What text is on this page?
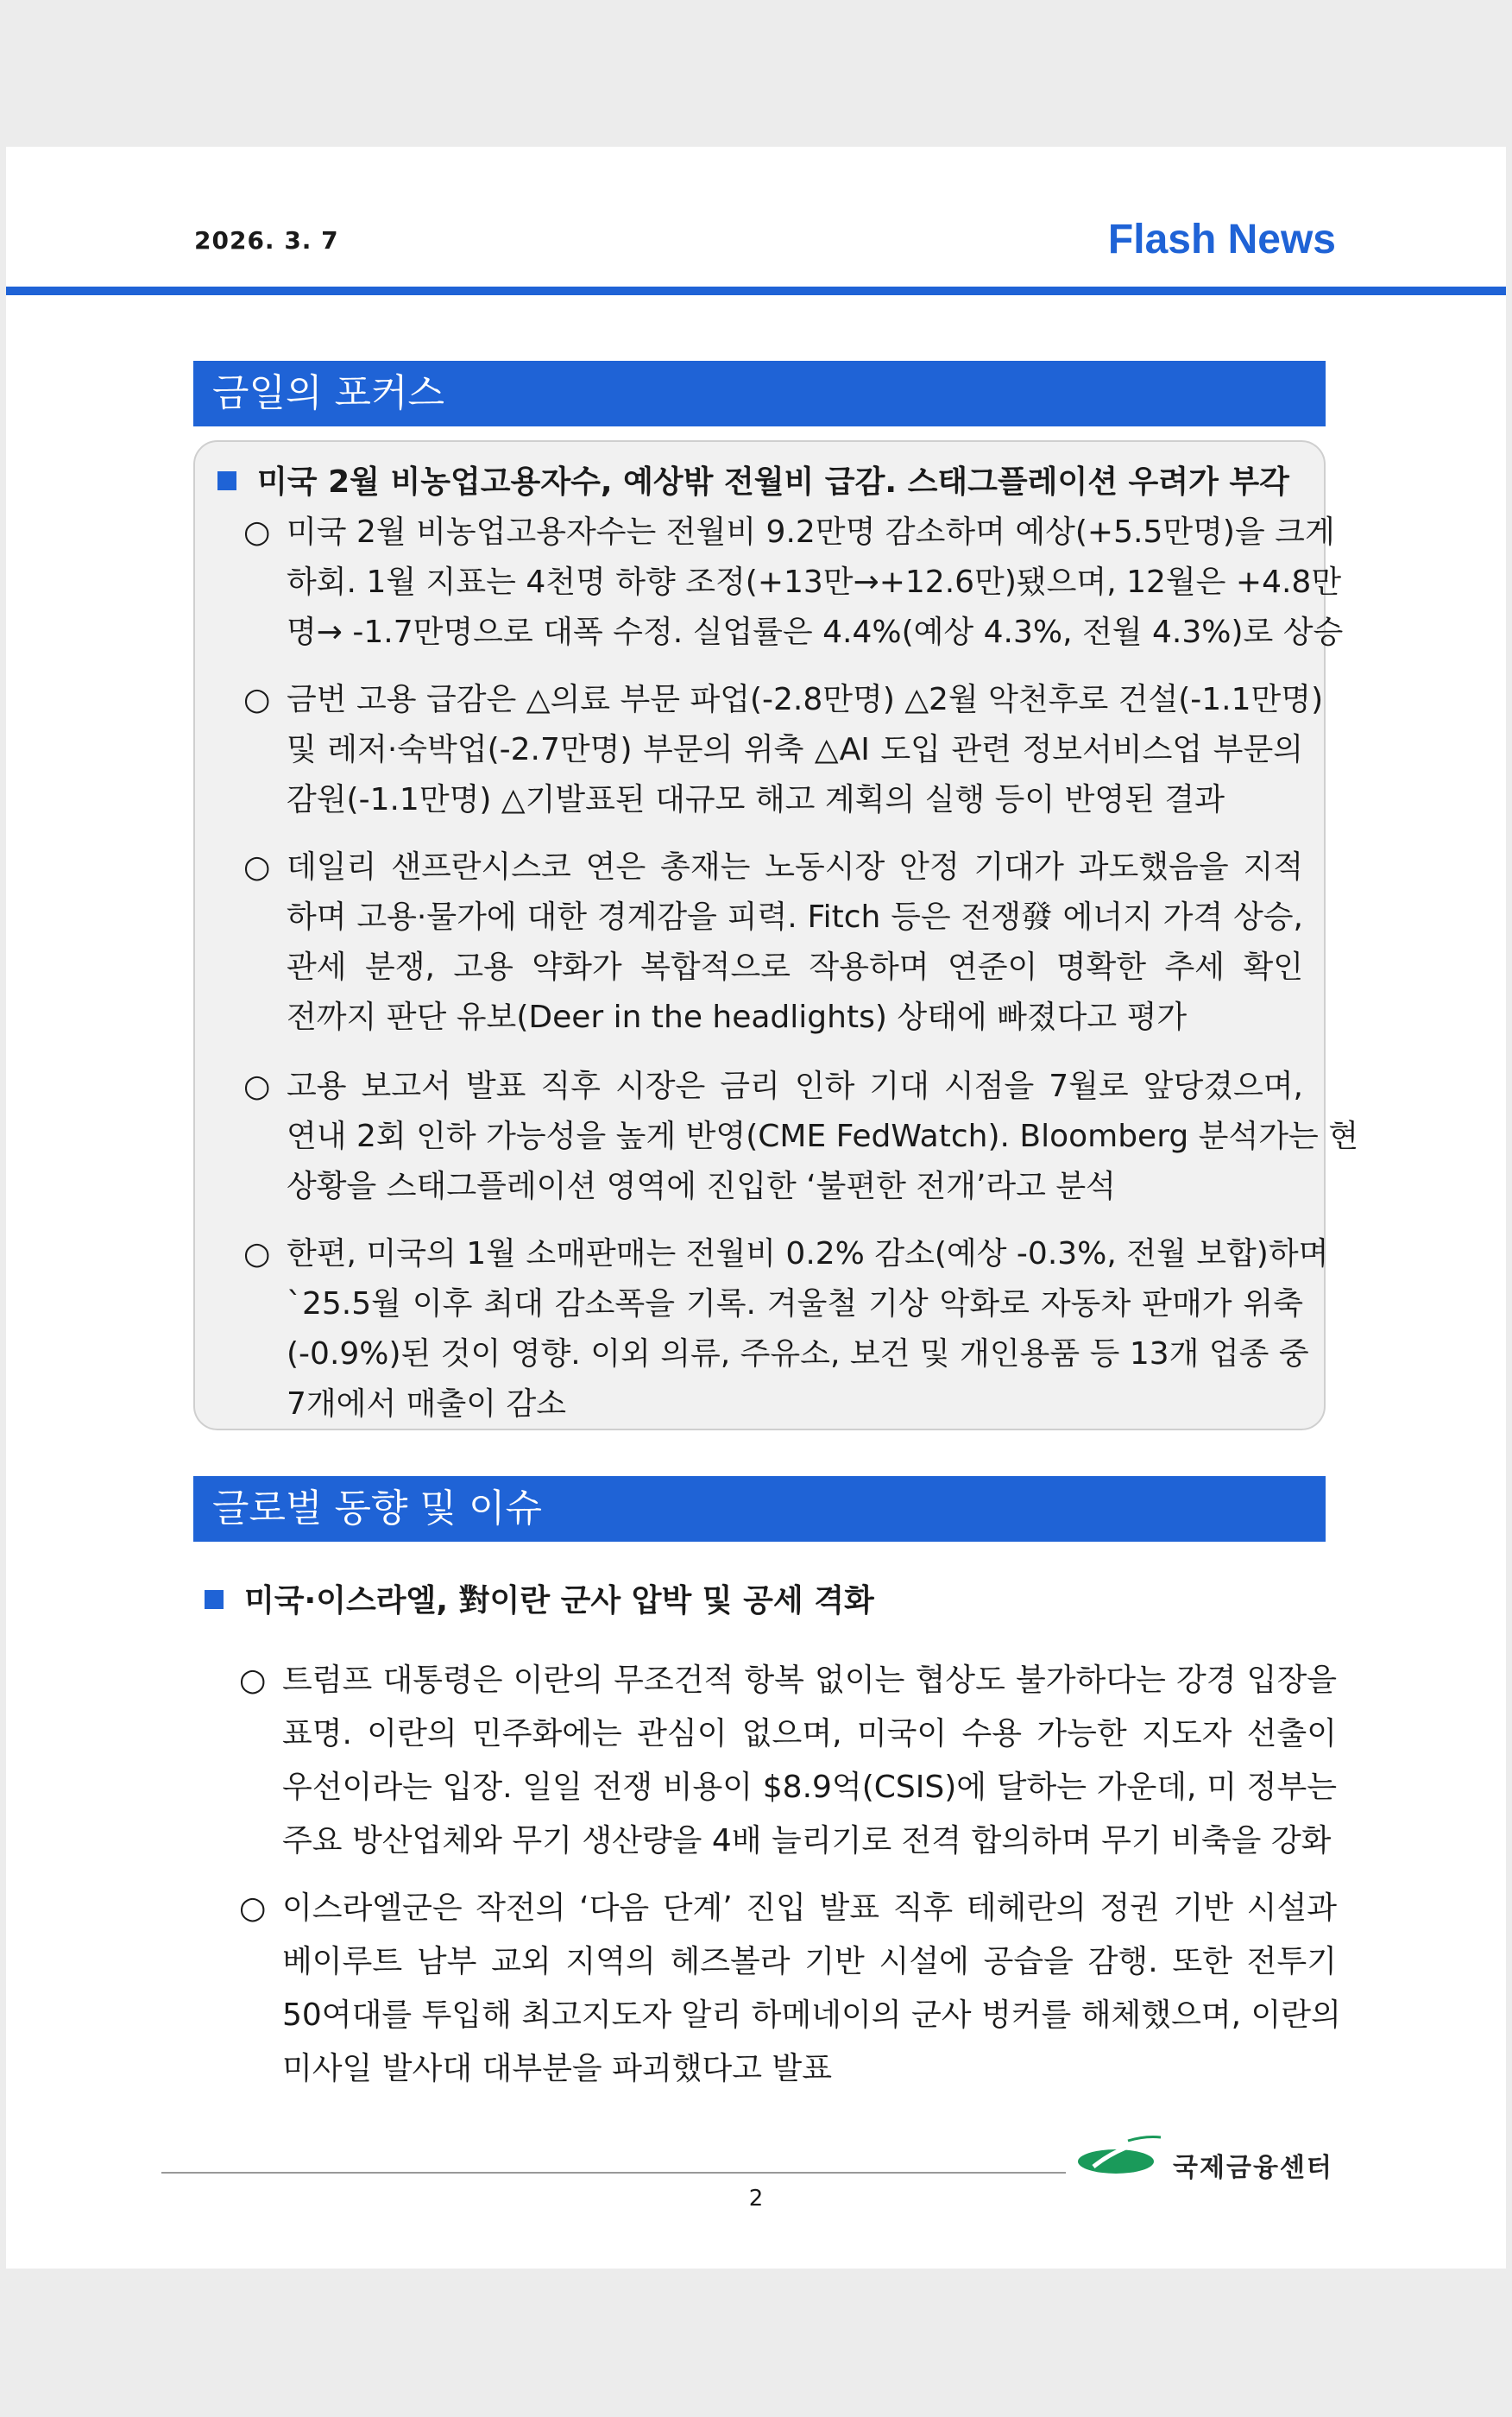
2026. 3. 7	Flash News
금일의 포커스
미국 2월 비농업고용자수, 예상밖 전월비 급감. 스태그플레이션 우려가 부각
○ 미국 2월 비농업고용자수는 전월비 9.2만명 감소하며 예상(+5.5만명)을 크게
하회. 1월 지표는 4천명 하향 조정(+13만→+12.6만)됐으며, 12월은 +4.8만
명→ -1.7만명으로 대폭 수정. 실업률은 4.4%(예상 4.3%, 전월 4.3%)로 상승
○ 금번 고용 급감은 △의료 부문 파업(-2.8만명) △2월 악천후로 건설(-1.1만명)
및 레저·숙박업(-2.7만명) 부문의 위축 △AI 도입 관련 정보서비스업 부문의
감원(-1.1만명) △기발표된 대규모 해고 계획의 실행 등이 반영된 결과
○ 데일리 샌프란시스코 연은 총재는 노동시장 안정 기대가 과도했음을 지적
하며 고용·물가에 대한 경계감을 피력. Fitch 등은 전쟁發 에너지 가격 상승,
관세 분쟁, 고용 약화가 복합적으로 작용하며 연준이 명확한 추세 확인
전까지 판단 유보(Deer in the headlights) 상태에 빠졌다고 평가
○ 고용 보고서 발표 직후 시장은 금리 인하 기대 시점을 7월로 앞당겼으며,
연내 2회 인하 가능성을 높게 반영(CME FedWatch). Bloomberg 분석가는 현
상황을 스태그플레이션 영역에 진입한 ‘불편한 전개’라고 분석
○ 한편, 미국의 1월 소매판매는 전월비 0.2% 감소(예상 -0.3%, 전월 보합)하며
`25.5월 이후 최대 감소폭을 기록. 겨울철 기상 악화로 자동차 판매가 위축
(-0.9%)된 것이 영향. 이외 의류, 주유소, 보건 및 개인용품 등 13개 업종 중
7개에서 매출이 감소
글로벌 동향 및 이슈
미국·이스라엘, 對이란 군사 압박 및 공세 격화
○ 트럼프 대통령은 이란의 무조건적 항복 없이는 협상도 불가하다는 강경 입장을
표명. 이란의 민주화에는 관심이 없으며, 미국이 수용 가능한 지도자 선출이
우선이라는 입장. 일일 전쟁 비용이 $8.9억(CSIS)에 달하는 가운데, 미 정부는
주요 방산업체와 무기 생산량을 4배 늘리기로 전격 합의하며 무기 비축을 강화
○ 이스라엘군은 작전의 ‘다음 단계’ 진입 발표 직후 테헤란의 정권 기반 시설과
베이루트 남부 교외 지역의 헤즈볼라 기반 시설에 공습을 감행. 또한 전투기
50여대를 투입해 최고지도자 알리 하메네이의 군사 벙커를 해체했으며, 이란의
미사일 발사대 대부분을 파괴했다고 발표
국제금융센터
2
